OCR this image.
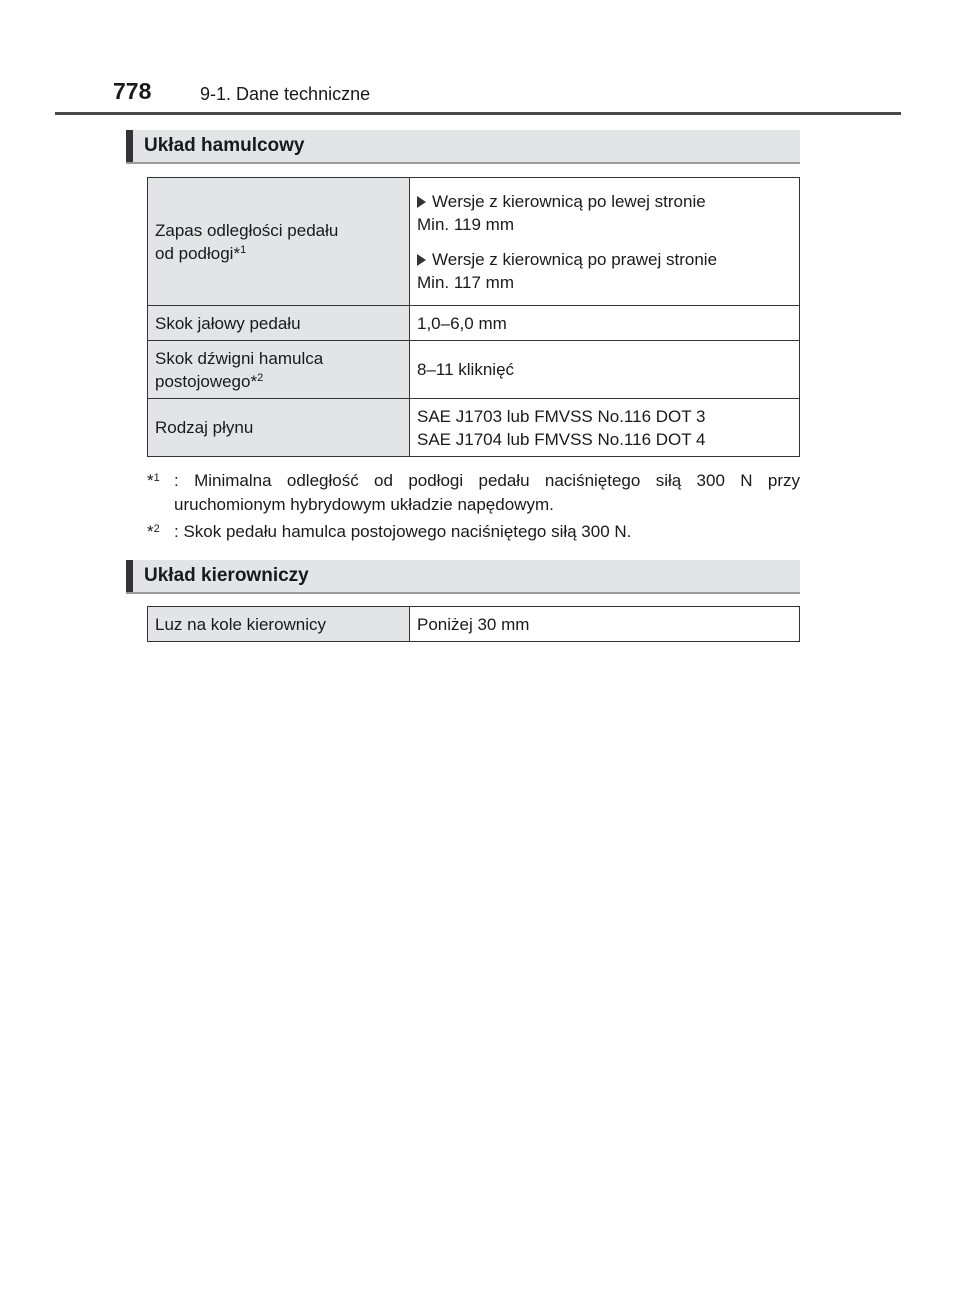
778	9-1. Dane techniczne
Układ hamulcowy
Zapas odległości pedału
od podłogi*$^1$	Wersje z kierownicą po lewej stronie
Min. 119 mm
Wersje z kierownicą po prawej stronie
Min. 117 mm

Skok jałowy pedału	1,0–6,0 mm
Skok dźwigni hamulca
postojowego*$^2$	8–11 kliknięć
Rodzaj płynu	SAE J1703 lub FMVSS No.116 DOT 3
SAE J1704 lub FMVSS No.116 DOT 4
*$^1$ : Minimalna odległość od podłogi pedału naciśniętego siłą 300 N przy uruchomionym hybrydowym układzie napędowym.
*$^2$ : Skok pedału hamulca postojowego naciśniętego siłą 300 N.
Układ kierowniczy
Luz na kole kierownicy	Poniżej 30 mm
